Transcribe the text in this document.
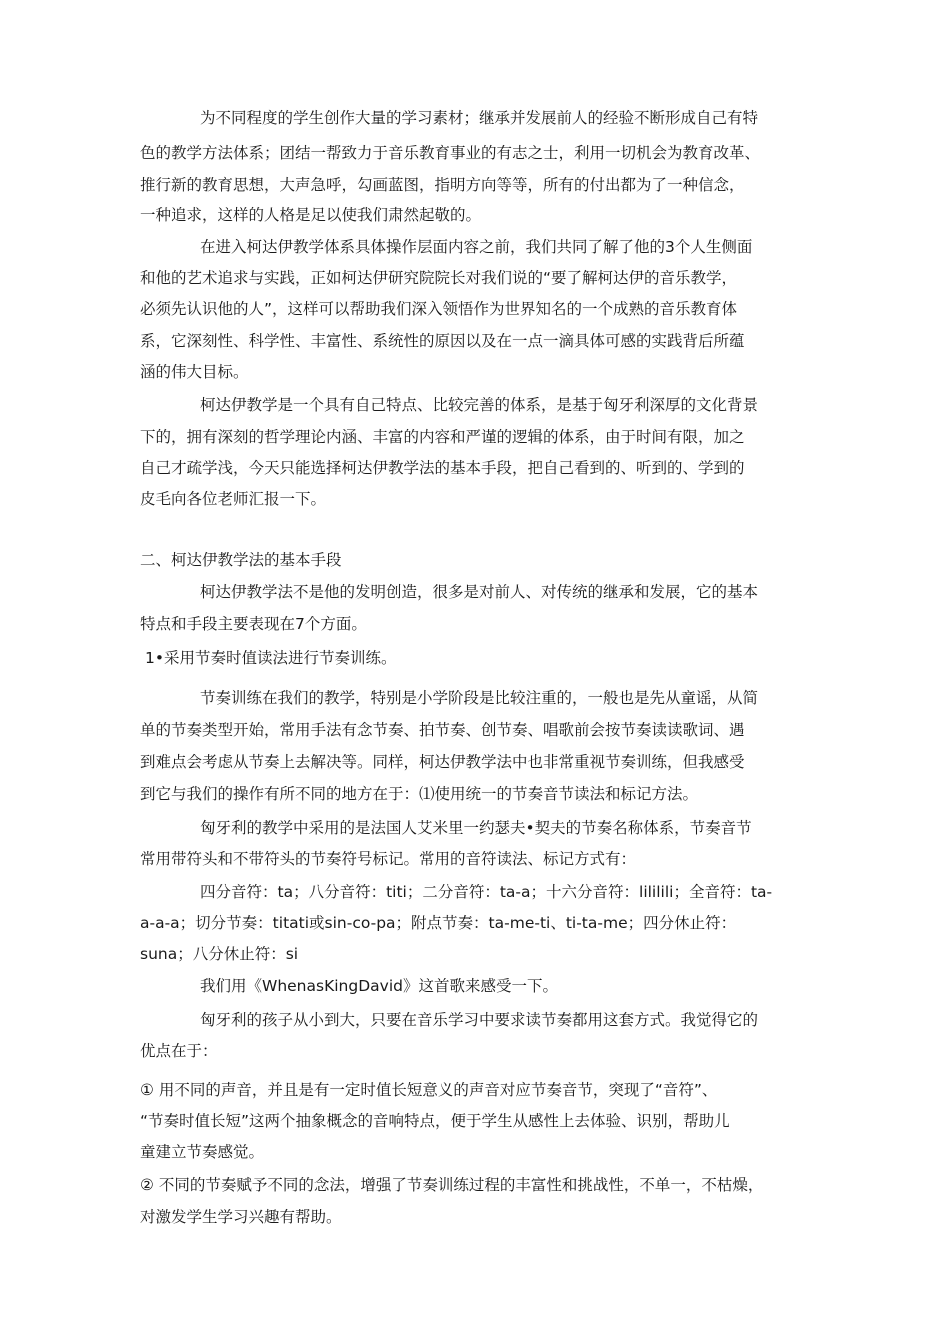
为不同程度的学生创作大量的学习素材；继承并发展前人的经验不断形成自己有特
色的教学方法体系；团结一帮致力于音乐教育事业的有志之士，利用一切机会为教育改革、
推行新的教育思想，大声急呼，勾画蓝图，指明方向等等，所有的付出都为了一种信念，
一种追求，这样的人格是足以使我们肃然起敬的。
在进入柯达伊教学体系具体操作层面内容之前，我们共同了解了他的3个人生侧面
和他的艺术追求与实践，正如柯达伊研究院院长对我们说的“要了解柯达伊的音乐教学，
必须先认识他的人”，这样可以帮助我们深入领悟作为世界知名的一个成熟的音乐教育体
系，它深刻性、科学性、丰富性、系统性的原因以及在一点一滴具体可感的实践背后所蕴
涵的伟大目标。
柯达伊教学是一个具有自己特点、比较完善的体系，是基于匈牙利深厚的文化背景
下的，拥有深刻的哲学理论内涵、丰富的内容和严谨的逻辑的体系，由于时间有限，加之
自己才疏学浅，今天只能选择柯达伊教学法的基本手段，把自己看到的、听到的、学到的
皮毛向各位老师汇报一下。
二、柯达伊教学法的基本手段
柯达伊教学法不是他的发明创造，很多是对前人、对传统的继承和发展，它的基本
特点和手段主要表现在7个方面。
1•采用节奏时值读法进行节奏训练。
节奏训练在我们的教学，特别是小学阶段是比较注重的，一般也是先从童谣，从简
单的节奏类型开始，常用手法有念节奏、拍节奏、创节奏、唱歌前会按节奏读读歌词、遇
到难点会考虑从节奏上去解决等。同样，柯达伊教学法中也非常重视节奏训练，但我感受
到它与我们的操作有所不同的地方在于：⑴使用统一的节奏音节读法和标记方法。
匈牙利的教学中采用的是法国人艾米里一约瑟夫•契夫的节奏名称体系，节奏音节
常用带符头和不带符头的节奏符号标记。常用的音符读法、标记方式有：
四分音符：ta；八分音符：titi；二分音符：ta-a；十六分音符：lililili；全音符：ta-
a-a-a；切分节奏：titati或sin-co-pa；附点节奏：ta-me-ti、ti-ta-me；四分休止符：
suna；八分休止符：si
我们用《WhenasKingDavid》这首歌来感受一下。
匈牙利的孩子从小到大，只要在音乐学习中要求读节奏都用这套方式。我觉得它的
优点在于：
① 用不同的声音，并且是有一定时值长短意义的声音对应节奏音节，突现了“音符”、
“节奏时值长短”这两个抽象概念的音响特点，便于学生从感性上去体验、识别，帮助儿
童建立节奏感觉。
② 不同的节奏赋予不同的念法，增强了节奏训练过程的丰富性和挑战性，不单一，不枯燥，
对激发学生学习兴趣有帮助。
